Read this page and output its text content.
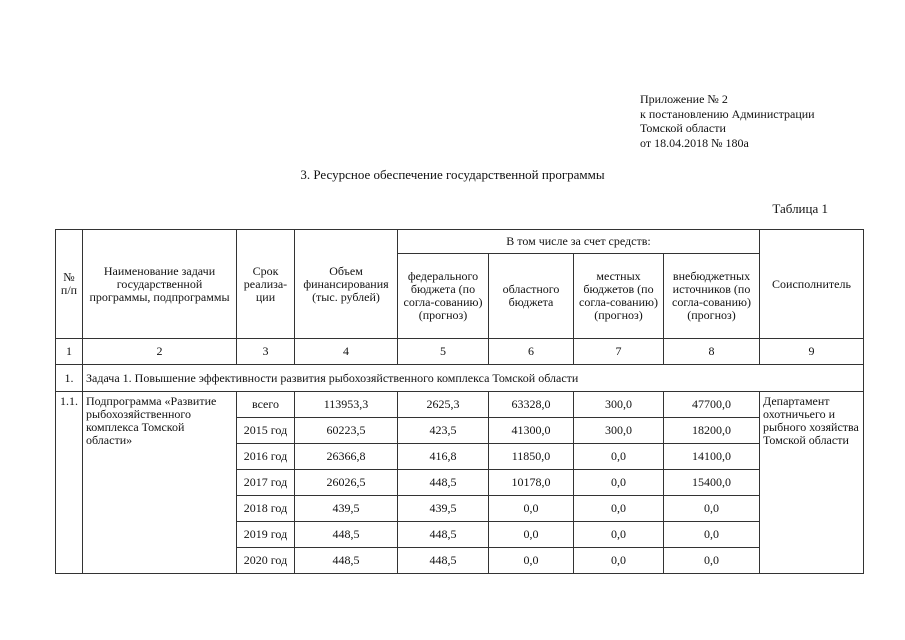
Приложение № 2
к постановлению Администрации
Томской области
от 18.04.2018 № 180а
3. Ресурсное обеспечение государственной программы
Таблица 1
№ п/п	Наименование задачи государственной программы, подпрограммы	Срок реализа-ции	Объем финансирования (тыс. рублей)	В том числе за счет средств:				Соисполнитель
				федерального бюджета (по согла-сованию) (прогноз)	областного бюджета	местных бюджетов (по согла-сованию) (прогноз)	внебюджетных источников (по согла-сованию) (прогноз)	
1	2	3	4	5	6	7	8	9
1.	Задача 1. Повышение эффективности развития рыбохозяйственного комплекса Томской области							
1.1.	Подпрограмма «Развитие рыбохозяйственного комплекса Томской области»	всего	113953,3	2625,3	63328,0	300,0	47700,0	Департамент охотничьего и рыбного хозяйства Томской области
		2015 год	60223,5	423,5	41300,0	300,0	18200,0	
		2016 год	26366,8	416,8	11850,0	0,0	14100,0	
		2017 год	26026,5	448,5	10178,0	0,0	15400,0	
		2018 год	439,5	439,5	0,0	0,0	0,0	
		2019 год	448,5	448,5	0,0	0,0	0,0	
		2020 год	448,5	448,5	0,0	0,0	0,0	
